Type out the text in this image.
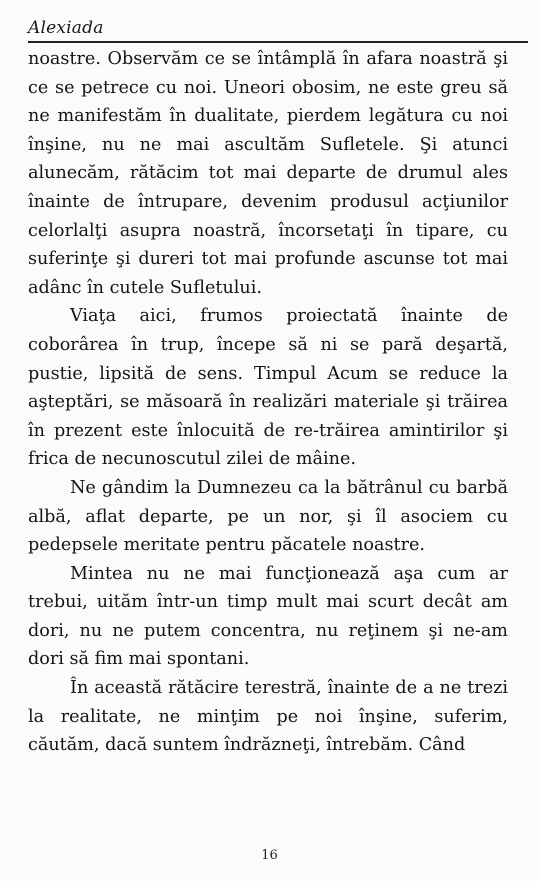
Alexiada

noastre. Observăm ce se întâmplă în afara noastră şi ce se petrece cu noi. Uneori obosim, ne este greu să ne manifestăm în dualitate, pierdem legătura cu noi înşine, nu ne mai ascultăm Sufletele. Şi atunci alunecăm, rătăcim tot mai departe de drumul ales înainte de întrupare, devenim produsul acţiunilor celorlalţi asupra noastră, încorsetaţi în tipare, cu suferinţe şi dureri tot mai profunde ascunse tot mai adânc în cutele Sufletului.

Viaţa aici, frumos proiectată înainte de coborârea în trup, începe să ni se pară deşartă, pustie, lipsită de sens. Timpul Acum se reduce la aşteptări, se măsoară în realizări materiale şi trăirea în prezent este înlocuită de re-trăirea amintirilor şi frica de necunoscutul zilei de mâine.

Ne gândim la Dumnezeu ca la bătrânul cu barbă albă, aflat departe, pe un nor, şi îl asociem cu pedepsele meritate pentru păcatele noastre.

Mintea nu ne mai funcţionează aşa cum ar trebui, uităm într-un timp mult mai scurt decât am dori, nu ne putem concentra, nu reţinem şi ne-am dori să fim mai spontani.

În această rătăcire terestră, înainte de a ne trezi la realitate, ne minţim pe noi înşine, suferim, căutăm, dacă suntem îndrăzneţi, întrebăm. Când

16
